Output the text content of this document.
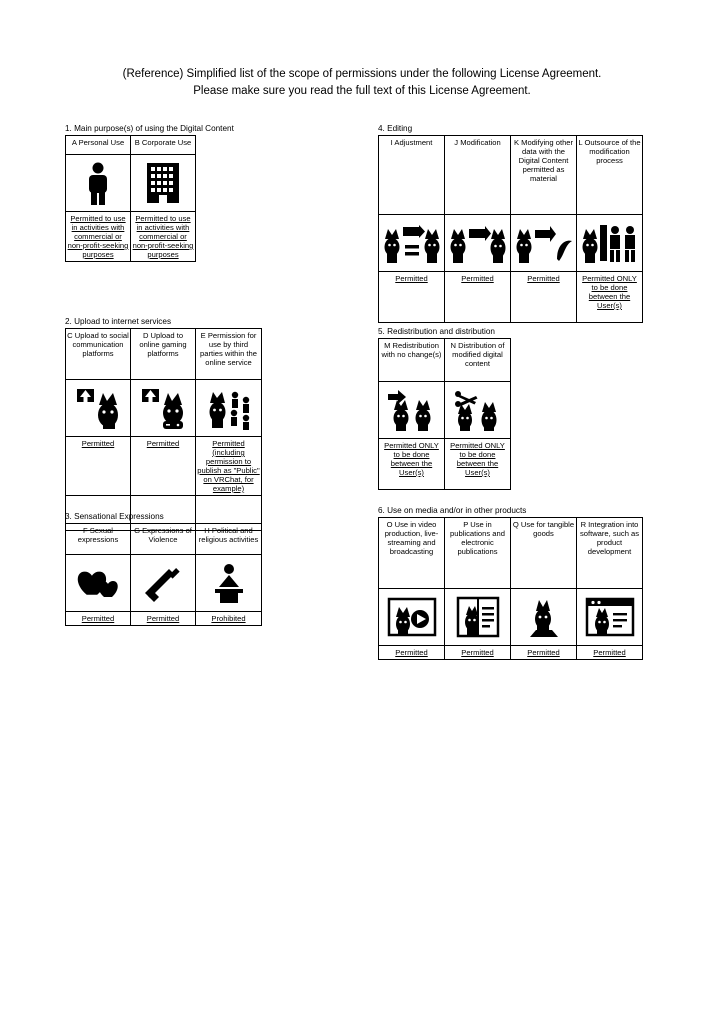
(Reference) Simplified list of the scope of permissions under the following License Agreement.
Please make sure you read the full text of this License Agreement.
1. Main purpose(s) of using the Digital Content
A Personal Use	B Corporate Use

Permitted to use in activities with commercial or non-profit-seeking purposes	Permitted to use in activities with commercial or non-profit-seeking purposes
2. Upload to internet services
C Upload to social communication platforms	D Upload to online gaming platforms	E Permission for use by third parties within the online service

Permitted	Permitted	Permitted (including permission to publish as "Public" on VRChat, for example)

3. Sensational Expressions
F Sexual expressions	G Expressions of Violence	H Political and religious activities

Permitted	Permitted	Prohibited
4. Editing
I Adjustment	J Modification	K Modifying other data with the Digital Content permitted as material	L Outsource of the modification process

Permitted	Permitted	Permitted	Permitted ONLY to be done between the User(s)
5. Redistribution and distribution
M Redistribution with no change(s)	N Distribution of modified digital content

Permitted ONLY to be done between the User(s)	Permitted ONLY to be done between the User(s)
6. Use on media and/or in other products
O Use in video production, live-streaming and broadcasting	P Use in publications and electronic publications	Q Use for tangible goods	R Integration into software, such as product development

Permitted	Permitted	Permitted	Permitted
